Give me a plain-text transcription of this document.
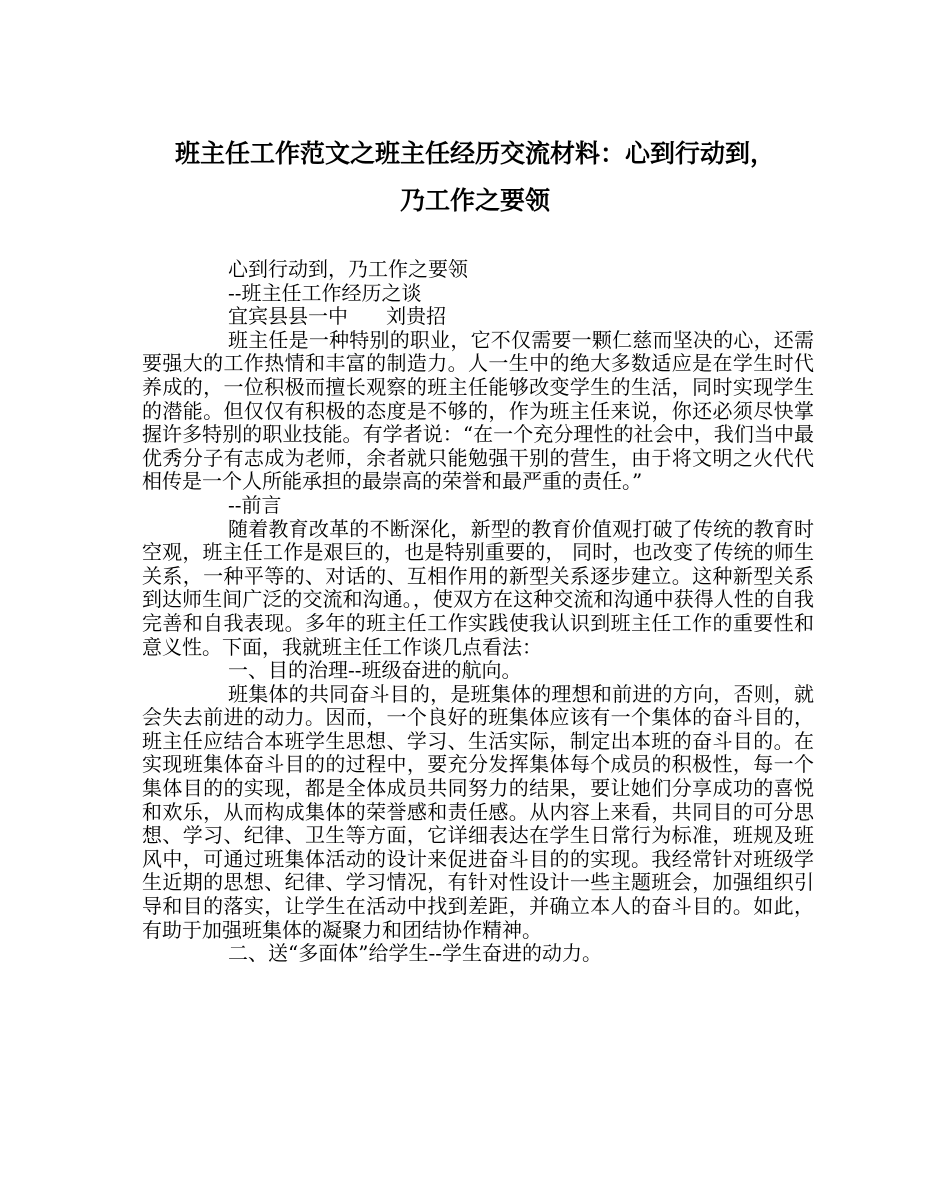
班主任工作范文之班主任经历交流材料：心到行动到，
乃工作之要领

心到行动到，乃工作之要领

--班主任工作经历之谈

宜宾县县一中      刘贵招

班主任是一种特别的职业，它不仅需要一颗仁慈而坚决的心，还需要强大的工作热情和丰富的制造力。人一生中的绝大多数适应是在学生时代养成的，一位积极而擅长观察的班主任能够改变学生的生活，同时实现学生的潜能。但仅仅有积极的态度是不够的，作为班主任来说，你还必须尽快掌握许多特别的职业技能。有学者说：“在一个充分理性的社会中，我们当中最优秀分子有志成为老师，余者就只能勉强干别的营生，由于将文明之火代代相传是一个人所能承担的最崇高的荣誉和最严重的责任。”

--前言

随着教育改革的不断深化，新型的教育价值观打破了传统的教育时空观，班主任工作是艰巨的，也是特别重要的， 同时，也改变了传统的师生关系，一种平等的、对话的、互相作用的新型关系逐步建立。这种新型关系到达师生间广泛的交流和沟通。，使双方在这种交流和沟通中获得人性的自我完善和自我表现。多年的班主任工作实践使我认识到班主任工作的重要性和意义性。下面，我就班主任工作谈几点看法：

一、目的治理--班级奋进的航向。

班集体的共同奋斗目的，是班集体的理想和前进的方向，否则，就会失去前进的动力。因而，一个良好的班集体应该有一个集体的奋斗目的，班主任应结合本班学生思想、学习、生活实际，制定出本班的奋斗目的。在实现班集体奋斗目的的过程中，要充分发挥集体每个成员的积极性，每一个集体目的的实现，都是全体成员共同努力的结果，要让她们分享成功的喜悦和欢乐，从而构成集体的荣誉感和责任感。从内容上来看，共同目的可分思想、学习、纪律、卫生等方面，它详细表达在学生日常行为标准，班规及班风中，可通过班集体活动的设计来促进奋斗目的的实现。我经常针对班级学生近期的思想、纪律、学习情况，有针对性设计一些主题班会，加强组织引导和目的落实，让学生在活动中找到差距，并确立本人的奋斗目的。如此，有助于加强班集体的凝聚力和团结协作精神。

二、送“多面体”给学生--学生奋进的动力。
